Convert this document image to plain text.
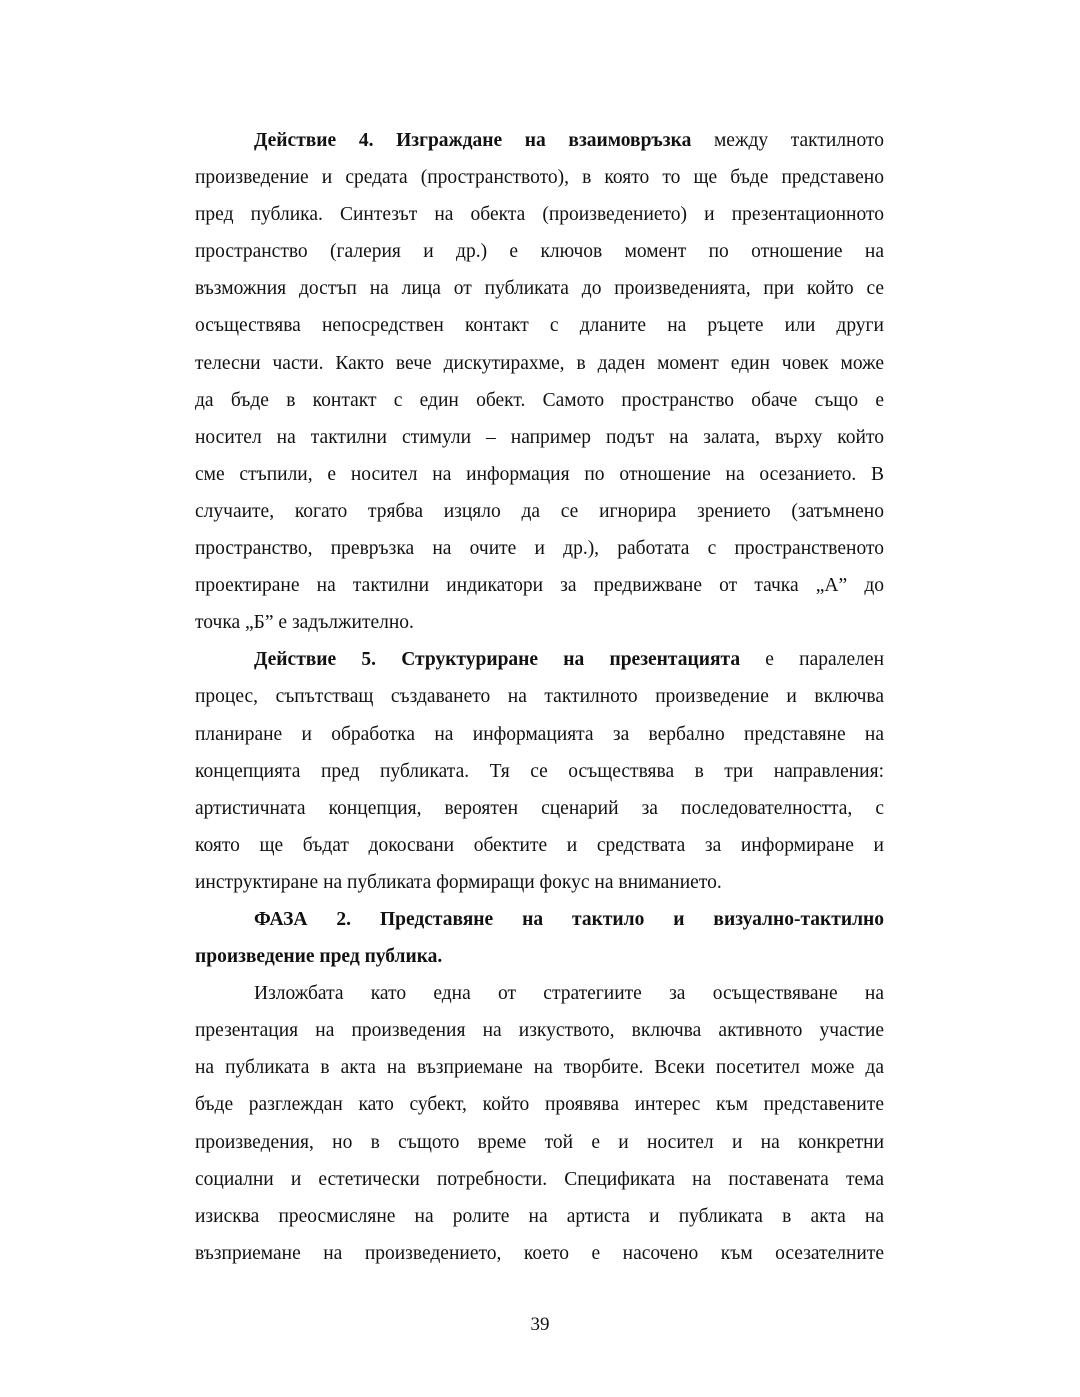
Действие 4. Изграждане на взаимовръзка между тактилното
произведение и средата (пространството), в която то ще бъде представено
пред публика. Синтезът на обекта (произведението) и презентационното
пространство (галерия и др.) е ключов момент по отношение на
възможния достъп на лица от публиката до произведенията, при който се
осъществява непосредствен контакт с дланите на ръцете или други
телесни части. Както вече дискутирахме, в даден момент един човек може
да бъде в контакт с един обект. Самото пространство обаче също е
носител на тактилни стимули – например подът на залата, върху който
сме стъпили, е носител на информация по отношение на осезанието. В
случаите, когато трябва изцяло да се игнорира зрението (затъмнено
пространство, превръзка на очите и др.), работата с пространственото
проектиране на тактилни индикатори за предвижване от тачка „А” до
точка „Б” е задължително.

Действие 5. Структуриране на презентацията е паралелен
процес, съпътстващ създаването на тактилното произведение и включва
планиране и обработка на информацията за вербално представяне на
концепцията пред публиката. Тя се осъществява в три направления:
артистичната концепция, вероятен сценарий за последователността, с
която ще бъдат докосвани обектите и средствата за информиране и
инструктиране на публиката формиращи фокус на вниманието.

ФАЗА 2. Представяне на тактило и визуално-тактилно
произведение пред публика.

Изложбата като една от стратегиите за осъществяване на
презентация на произведения на изкуството, включва активното участие
на публиката в акта на възприемане на творбите. Всеки посетител може да
бъде разглеждан като субект, който проявява интерес към представените
произведения, но в същото време той е и носител и на конкретни
социални и естетически потребности. Спецификата на поставената тема
изисква преосмисляне на ролите на артиста и публиката в акта на
възприемане на произведението, което е насочено към осезателните

39
